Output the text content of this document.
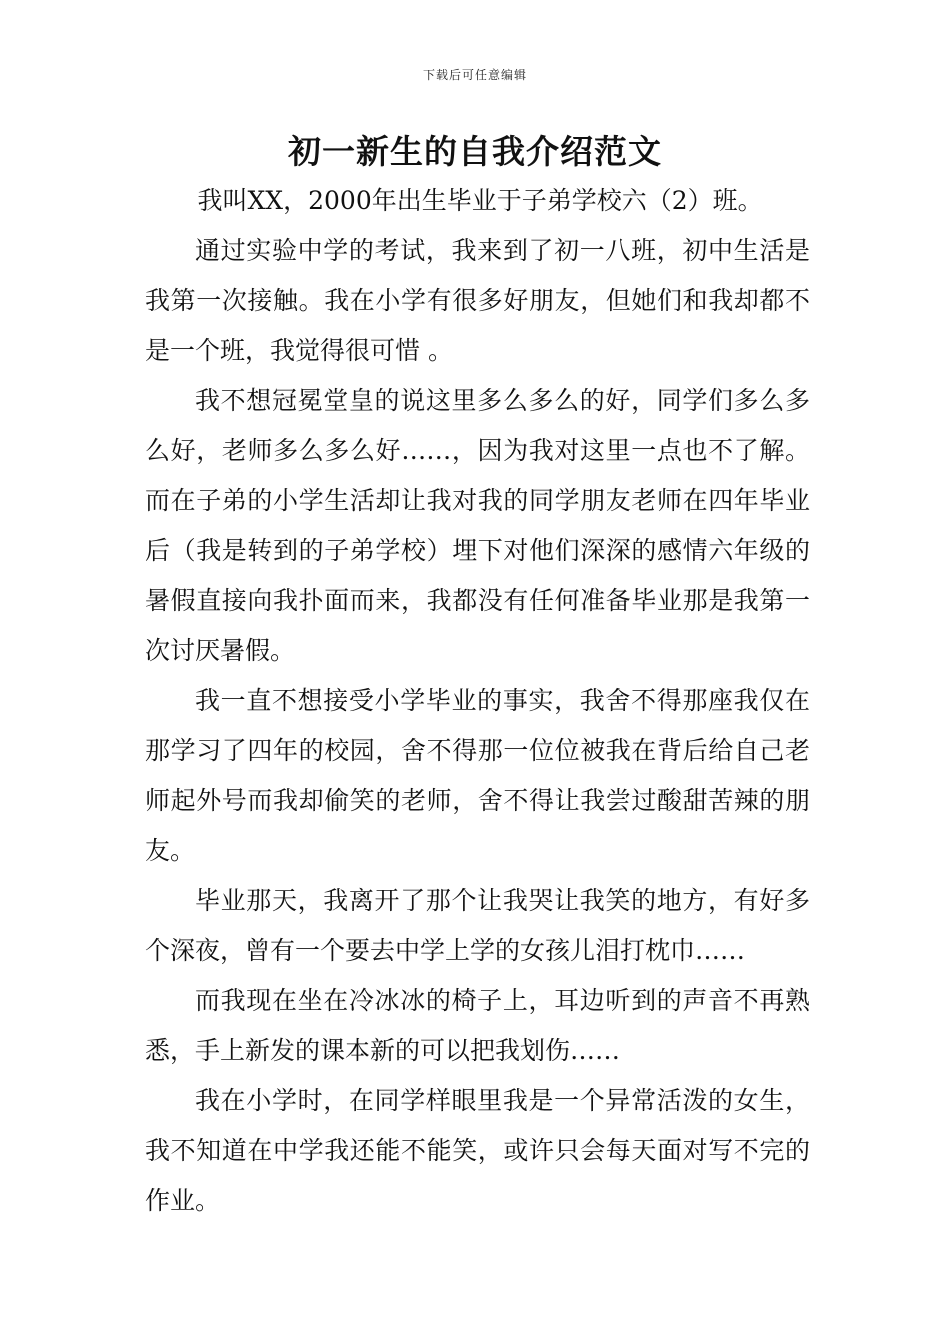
下载后可任意编辑
初一新生的自我介绍范文

我叫XX，2000年出生毕业于子弟学校六（2）班。

通过实验中学的考试，我来到了初一八班，初中生活是我第一次接触。我在小学有很多好朋友，但她们和我却都不是一个班，我觉得很可惜 。

我不想冠冕堂皇的说这里多么多么的好，同学们多么多么好，老师多么多么好……，因为我对这里一点也不了解。而在子弟的小学生活却让我对我的同学朋友老师在四年毕业后（我是转到的子弟学校）埋下对他们深深的感情六年级的暑假直接向我扑面而来，我都没有任何准备毕业那是我第一次讨厌暑假。

我一直不想接受小学毕业的事实，我舍不得那座我仅在那学习了四年的校园，舍不得那一位位被我在背后给自己老师起外号而我却偷笑的老师，舍不得让我尝过酸甜苦辣的朋友。

毕业那天，我离开了那个让我哭让我笑的地方，有好多个深夜，曾有一个要去中学上学的女孩儿泪打枕巾……

而我现在坐在冷冰冰的椅子上，耳边听到的声音不再熟悉，手上新发的课本新的可以把我划伤……

我在小学时，在同学样眼里我是一个异常活泼的女生，我不知道在中学我还能不能笑，或许只会每天面对写不完的作业。
